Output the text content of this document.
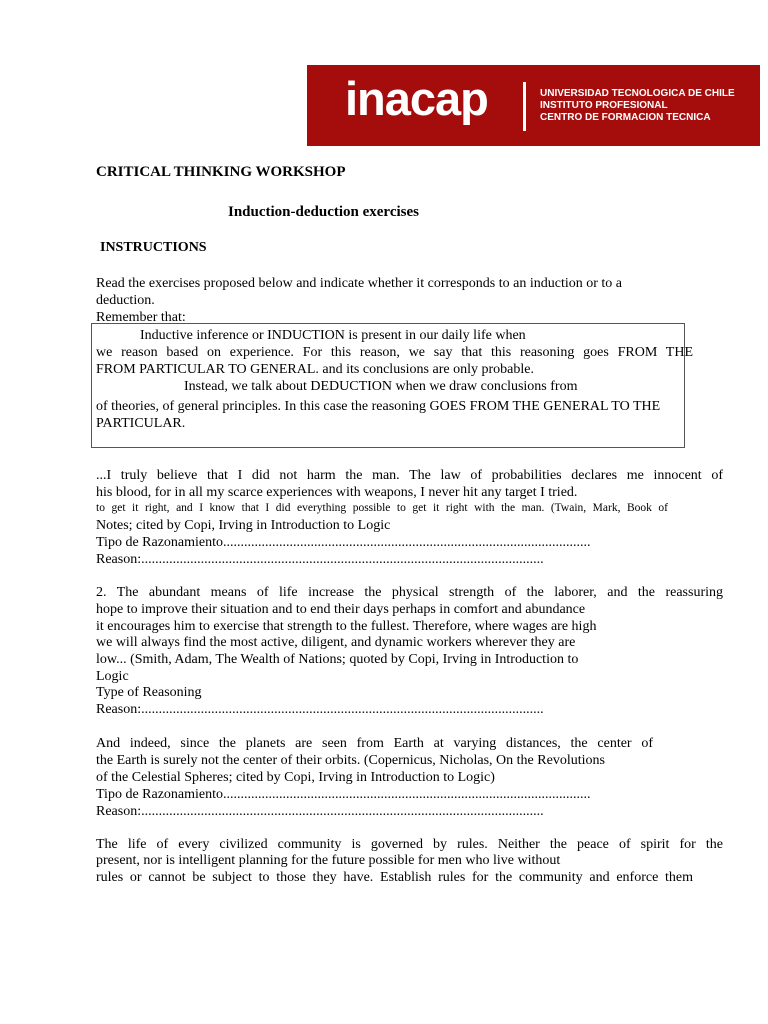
inacap	UNIVERSIDAD TECNOLOGICA DE CHILE
INSTITUTO PROFESIONAL
CENTRO DE FORMACION TECNICA
CRITICAL THINKING WORKSHOP
Induction-deduction exercises
INSTRUCTIONS
Read the exercises proposed below and indicate whether it corresponds to an induction or to a
deduction.
Remember that:
Inductive inference or INDUCTION is present in our daily life when
we reason based on experience. For this reason, we say that this reasoning goes FROM THE
FROM PARTICULAR TO GENERAL. and its conclusions are only probable.
Instead, we talk about DEDUCTION when we draw conclusions from
of theories, of general principles. In this case the reasoning GOES FROM THE GENERAL TO THE
PARTICULAR.
...I truly believe that I did not harm the man. The law of probabilities declares me innocent of
his blood, for in all my scarce experiences with weapons, I never hit any target I tried.
to get it right, and I know that I did everything possible to get it right with the man. (Twain, Mark, Book of
Notes; cited by Copi, Irving in Introduction to Logic
Tipo de Razonamiento.........................................................................................................
Reason:...................................................................................................................
2. The abundant means of life increase the physical strength of the laborer, and the reassuring
hope to improve their situation and to end their days perhaps in comfort and abundance
it encourages him to exercise that strength to the fullest. Therefore, where wages are high
we will always find the most active, diligent, and dynamic workers wherever they are
low... (Smith, Adam, The Wealth of Nations; quoted by Copi, Irving in Introduction to
Logic
Type of Reasoning
Reason:...................................................................................................................
And indeed, since the planets are seen from Earth at varying distances, the center of
the Earth is surely not the center of their orbits. (Copernicus, Nicholas, On the Revolutions
of the Celestial Spheres; cited by Copi, Irving in Introduction to Logic)
Tipo de Razonamiento.........................................................................................................
Reason:...................................................................................................................
The life of every civilized community is governed by rules. Neither the peace of spirit for the
present, nor is intelligent planning for the future possible for men who live without
rules or cannot be subject to those they have. Establish rules for the community and enforce them
